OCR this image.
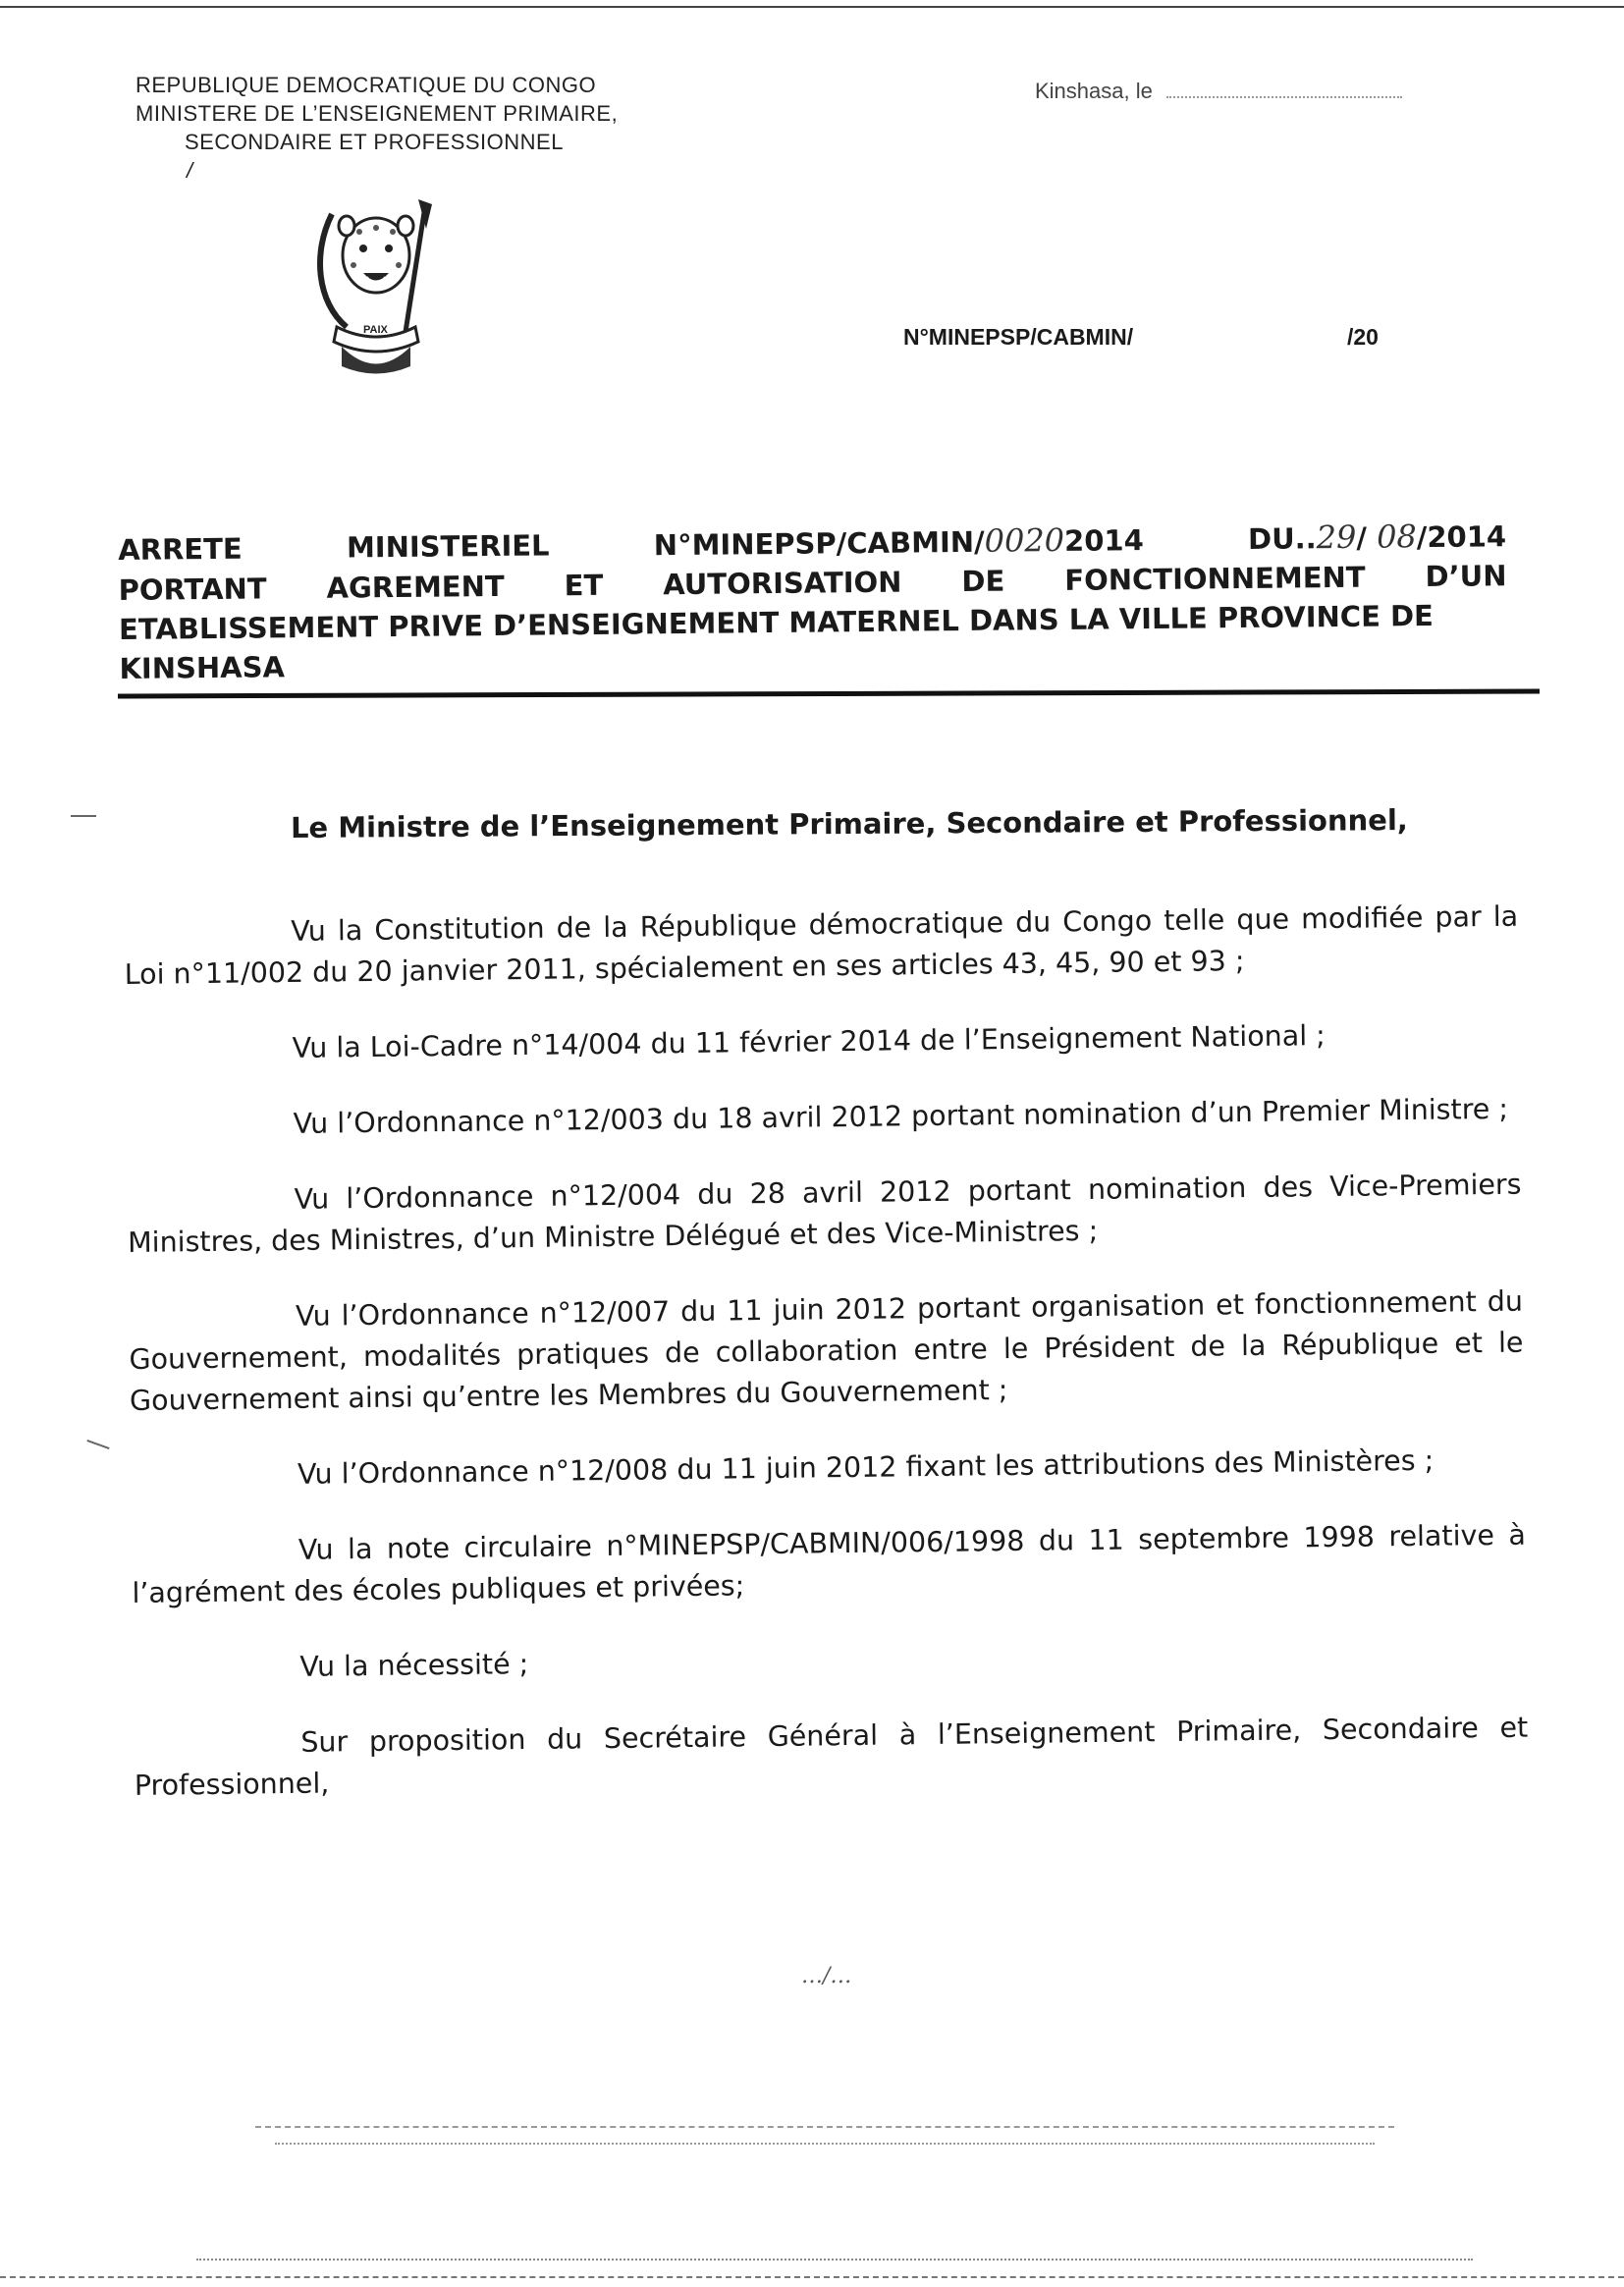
REPUBLIQUE DEMOCRATIQUE DU CONGO
MINISTERE DE L’ENSEIGNEMENT PRIMAIRE,
SECONDAIRE ET PROFESSIONNEL
/
Kinshasa, le
PAIX	N°MINEPSP/CABMIN/	/20
ARRETE	MINISTERIEL	N°MINEPSP/CABMIN/00202014	DU..29/ 08/2014
PORTANT AGREMENT ET AUTORISATION DE FONCTIONNEMENT D’UN
ETABLISSEMENT PRIVE D’ENSEIGNEMENT MATERNEL DANS LA VILLE PROVINCE DE
KINSHASA
Le Ministre de l’Enseignement Primaire, Secondaire et Professionnel,

Vu la Constitution de la République démocratique du Congo telle que modifiée par la Loi n°11/002 du 20 janvier 2011, spécialement en ses articles 43, 45, 90 et 93 ;

Vu la Loi-Cadre n°14/004 du 11 février 2014 de l’Enseignement National ;

Vu l’Ordonnance n°12/003 du 18 avril 2012 portant nomination d’un Premier Ministre ;

Vu l’Ordonnance n°12/004 du 28 avril 2012 portant nomination des Vice-Premiers Ministres, des Ministres, d’un Ministre Délégué et des Vice-Ministres ;

Vu l’Ordonnance n°12/007 du 11 juin 2012 portant organisation et fonctionnement du Gouvernement, modalités pratiques de collaboration entre le Président de la République et le Gouvernement ainsi qu’entre les Membres du Gouvernement ;

Vu l’Ordonnance n°12/008 du 11 juin 2012 fixant les attributions des Ministères ;

Vu la note circulaire n°MINEPSP/CABMIN/006/1998 du 11 septembre 1998 relative à l’agrément des écoles publiques et privées;

Vu la nécessité ;

Sur proposition du Secrétaire Général à l’Enseignement Primaire, Secondaire et Professionnel,

…/…
